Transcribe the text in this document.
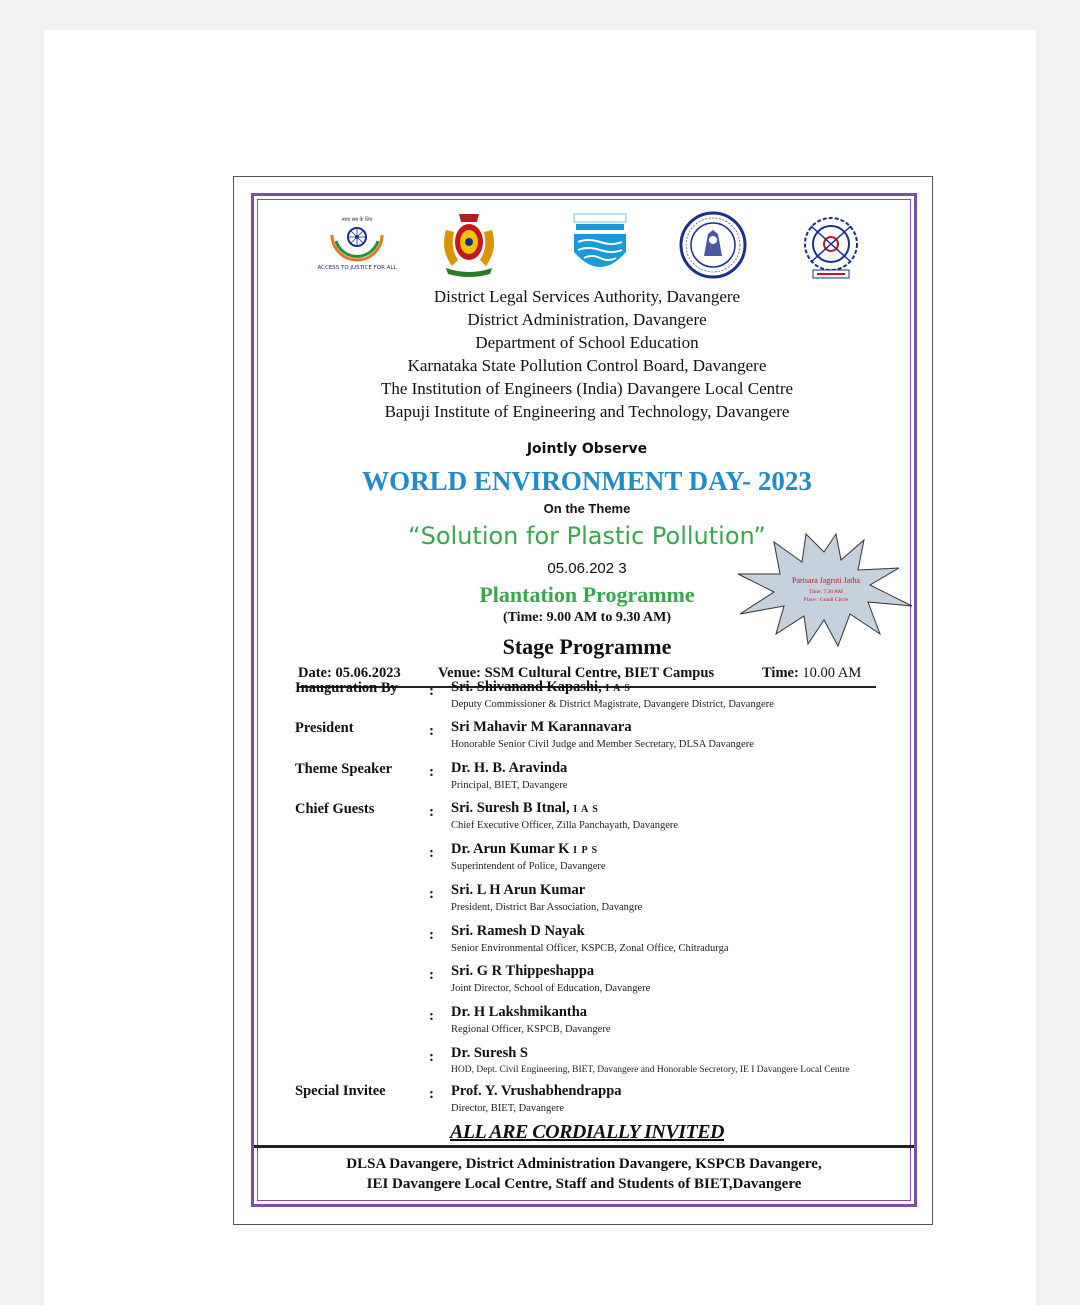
न्याय सब के लिए
ACCESS TO JUSTICE FOR ALL
District Legal Services Authority, Davangere
District Administration, Davangere
Department of School Education
Karnataka State Pollution Control Board, Davangere
The Institution of Engineers (India) Davangere Local Centre
Bapuji Institute of Engineering and Technology, Davangere
Jointly Observe
WORLD ENVIRONMENT DAY- 2023
On the Theme
“Solution for Plastic Pollution”
05.06.202 3
Plantation Programme
(Time: 9.00 AM to 9.30 AM)
Stage Programme
Parisara Jagruti Jatha
Time: 7.30 AM
Place : Gundi Circle
Date: 05.06.2023	Venue: SSM Cultural Centre, BIET Campus	Time: 10.00 AM
Inauguration By : Sri. Shivanand Kapashi, I A S
Deputy Commissioner & District Magistrate, Davangere District, Davangere
President	: Sri Mahavir M Karannavara
Honorable Senior Civil Judge and Member Secretary, DLSA Davangere
Theme Speaker : Dr. H. B. Aravinda
Principal, BIET, Davangere
Chief Guests	: Sri. Suresh B Itnal, I A S
Chief Executive Officer, Zilla Panchayath, Davangere
: Dr. Arun Kumar K I P S
Superintendent of Police, Davangere
: Sri. L H Arun Kumar
President, District Bar Association, Davangre
: Sri. Ramesh D Nayak
Senior Environmental Officer, KSPCB, Zonal Office, Chitradurga
: Sri. G R Thippeshappa
Joint Director, School of Education, Davangere
: Dr. H Lakshmikantha
Regional Officer, KSPCB, Davangere
: Dr. Suresh S
HOD, Dept. Civil Engineering, BIET, Davangere and Honorable Secretory, IE I Davangere Local Centre
Special Invitee	: Prof. Y. Vrushabhendrappa
Director, BIET, Davangere
ALL ARE CORDIALLY INVITED
DLSA Davangere, District Administration Davangere, KSPCB Davangere,
IEI Davangere Local Centre, Staff and Students of BIET,Davangere
